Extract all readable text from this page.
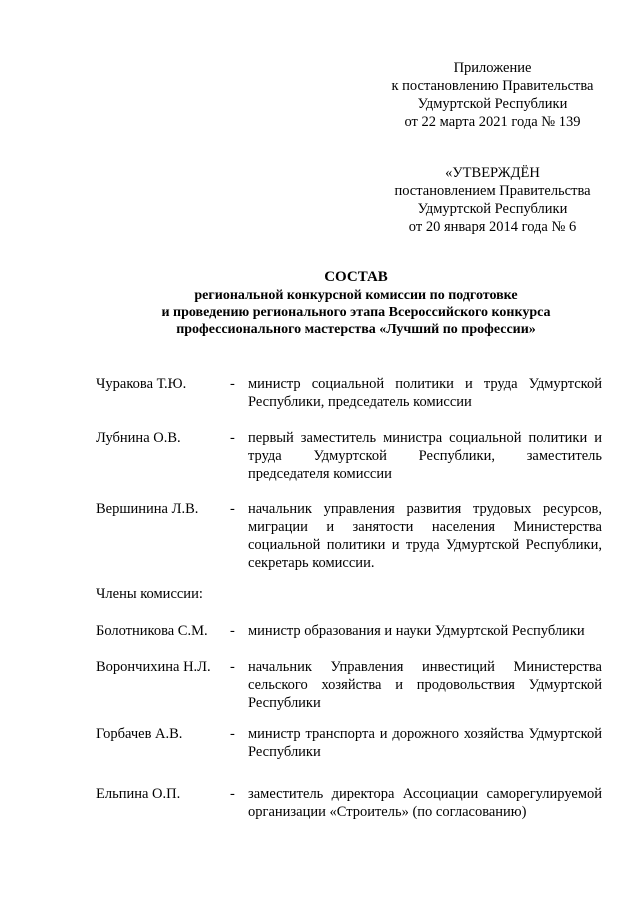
Приложение
к постановлению Правительства
Удмуртской Республики
от 22 марта 2021 года № 139
«УТВЕРЖДЁН
постановлением Правительства
Удмуртской Республики
от 20 января 2014 года № 6
СОСТАВ
региональной конкурсной комиссии по подготовке
и проведению регионального этапа Всероссийского конкурса
профессионального мастерства «Лучший по профессии»
Чуракова Т.Ю.	- министр социальной политики и труда Удмуртской Республики, председатель комиссии
Лубнина О.В.	- первый заместитель министра социальной политики и труда Удмуртской Республики, заместитель председателя комиссии
Вершинина Л.В. - начальник управления развития трудовых ресурсов, миграции и занятости населения Министерства социальной политики и труда Удмуртской Республики, секретарь комиссии.
Члены комиссии:
Болотникова С.М. - министр образования и науки Удмуртской Республики
Ворончихина Н.Л. - начальник Управления инвестиций Министерства сельского хозяйства и продовольствия Удмуртской Республики
Горбачев А.В.	- министр транспорта и дорожного хозяйства Удмуртской Республики
Ельпина О.П.	- заместитель директора Ассоциации саморегулируемой организации «Строитель» (по согласованию)
